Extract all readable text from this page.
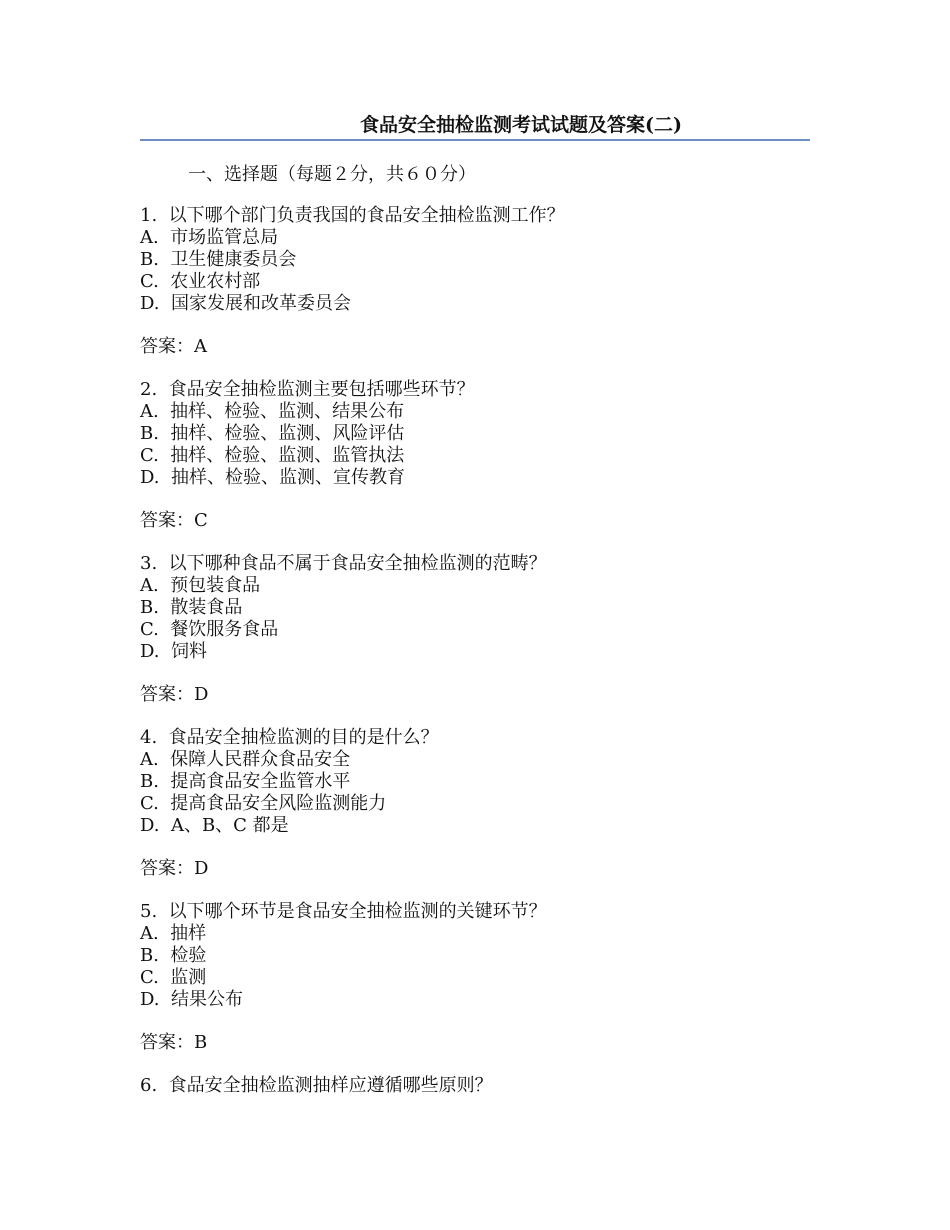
食品安全抽检监测考试试题及答案(二)
一、选择题（每题２分，共６０分）
1.  以下哪个部门负责我国的食品安全抽检监测工作？
A.  市场监管总局
B.  卫生健康委员会
C.  农业农村部
D.  国家发展和改革委员会
答案：A
2.  食品安全抽检监测主要包括哪些环节？
A.  抽样、检验、监测、结果公布
B.  抽样、检验、监测、风险评估
C.  抽样、检验、监测、监管执法
D.  抽样、检验、监测、宣传教育
答案：C
3.  以下哪种食品不属于食品安全抽检监测的范畴？
A.  预包装食品
B.  散装食品
C.  餐饮服务食品
D.  饲料
答案：D
4.  食品安全抽检监测的目的是什么？
A.  保障人民群众食品安全
B.  提高食品安全监管水平
C.  提高食品安全风险监测能力
D.  A、B、C 都是
答案：D
5.  以下哪个环节是食品安全抽检监测的关键环节？
A.  抽样
B.  检验
C.  监测
D.  结果公布
答案：B
6.  食品安全抽检监测抽样应遵循哪些原则？
